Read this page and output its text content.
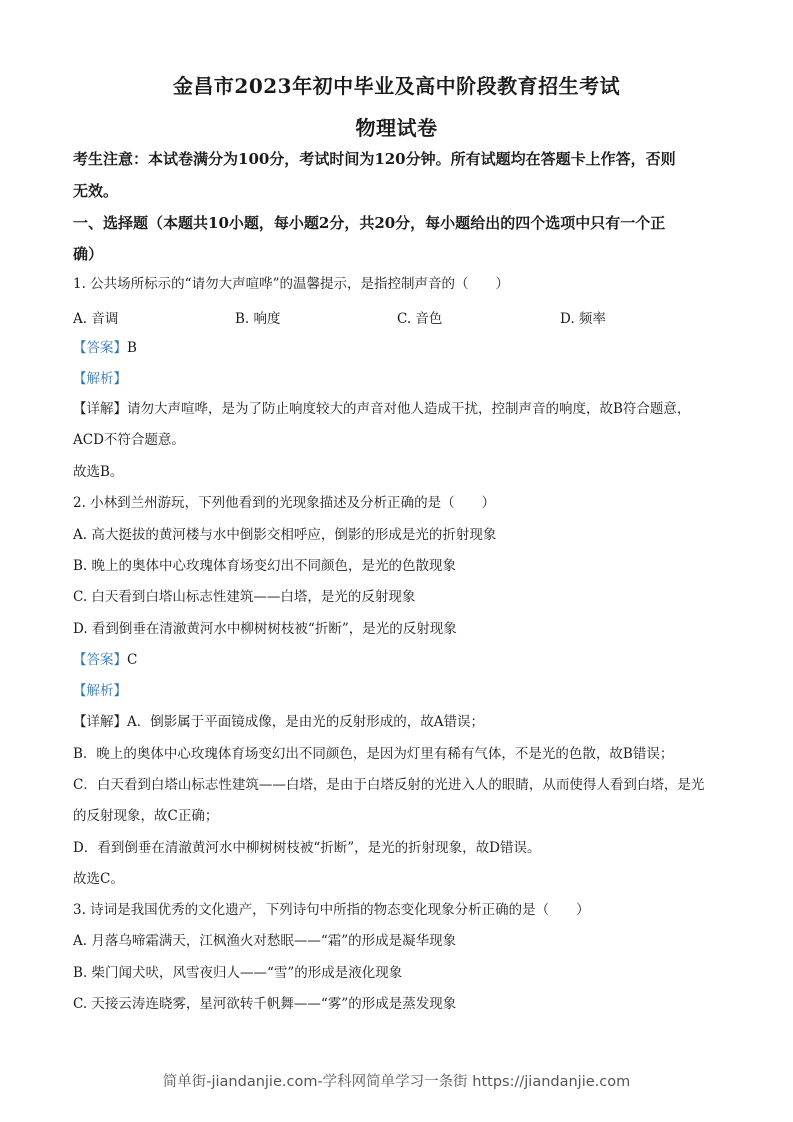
金昌市2023年初中毕业及高中阶段教育招生考试
物理试卷
考生注意：本试卷满分为100分，考试时间为120分钟。所有试题均在答题卡上作答，否则
无效。
一、选择题（本题共10小题，每小题2分，共20分，每小题给出的四个选项中只有一个正
确）
1. 公共场所标示的“请勿大声喧哗”的温馨提示，是指控制声音的（　　）
A. 音调	B. 响度	C. 音色	D. 频率
【答案】B
【解析】
【详解】请勿大声喧哗，是为了防止响度较大的声音对他人造成干扰，控制声音的响度，故B符合题意，
ACD不符合题意。
故选B。
2. 小林到兰州游玩，下列他看到的光现象描述及分析正确的是（　　）
A. 高大挺拔的黄河楼与水中倒影交相呼应，倒影的形成是光的折射现象
B. 晚上的奥体中心玫瑰体育场变幻出不同颜色，是光的色散现象
C. 白天看到白塔山标志性建筑——白塔，是光的反射现象
D. 看到倒垂在清澈黄河水中柳树树枝被“折断”，是光的反射现象
【答案】C
【解析】
【详解】A．倒影属于平面镜成像，是由光的反射形成的，故A错误；
B．晚上的奥体中心玫瑰体育场变幻出不同颜色，是因为灯里有稀有气体，不是光的色散，故B错误；
C．白天看到白塔山标志性建筑——白塔，是由于白塔反射的光进入人的眼睛，从而使得人看到白塔，是光
的反射现象，故C正确；
D．看到倒垂在清澈黄河水中柳树树枝被“折断”，是光的折射现象，故D错误。
故选C。
3. 诗词是我国优秀的文化遗产，下列诗句中所指的物态变化现象分析正确的是（　　）
A. 月落乌啼霜满天，江枫渔火对愁眠——“霜”的形成是凝华现象
B. 柴门闻犬吠，风雪夜归人——“雪”的形成是液化现象
C. 天接云涛连晓雾，星河欲转千帆舞——“雾”的形成是蒸发现象
简单街-jiandanjie.com-学科网简单学习一条街 https://jiandanjie.com
